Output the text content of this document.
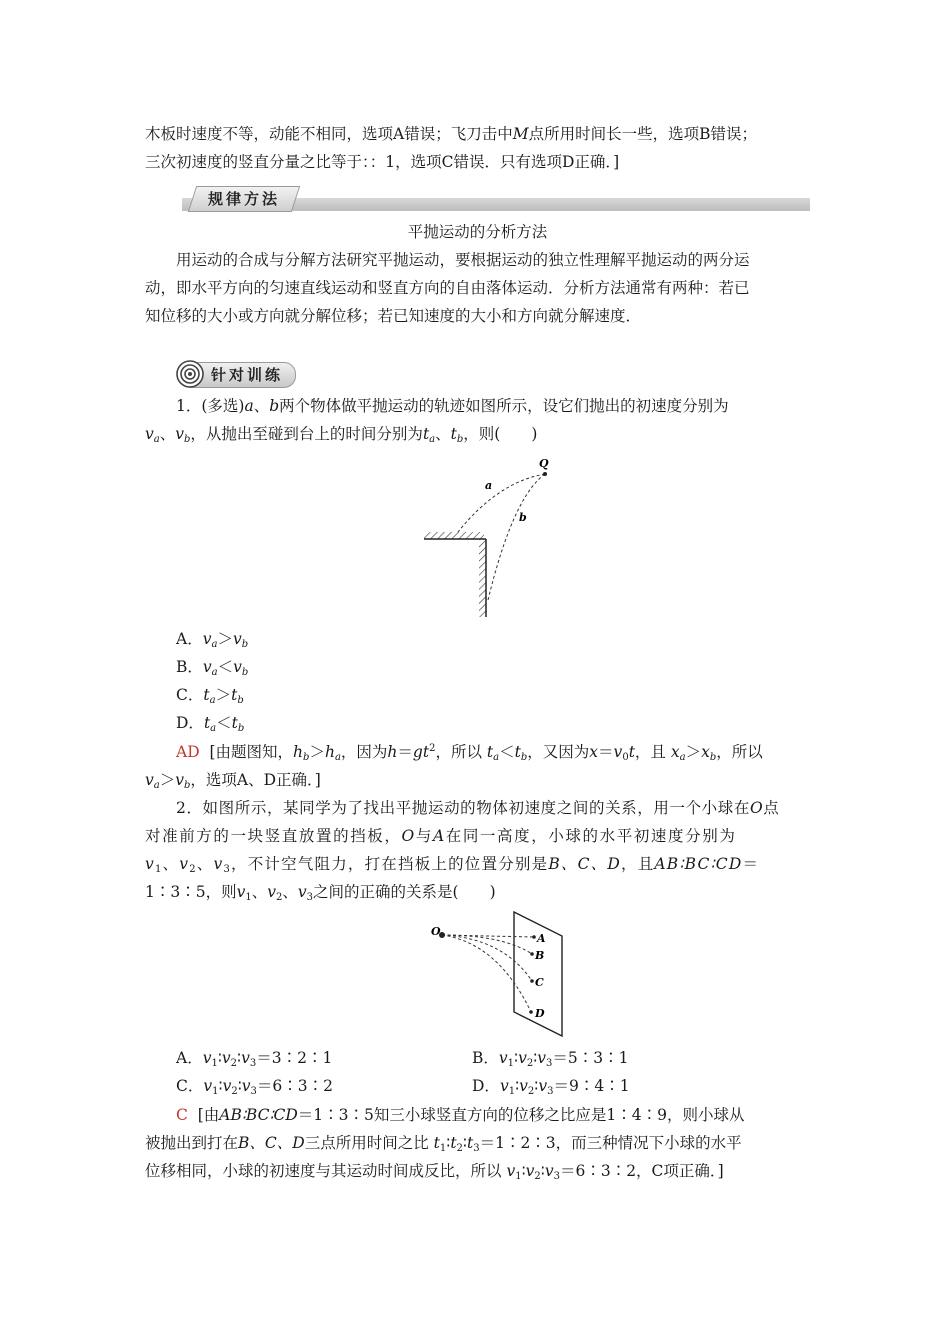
木板时速度不等，动能不相同，选项A错误；飞刀击中M点所用时间长一些，选项B错误；
三次初速度的竖直分量之比等于：：1，选项C错误．只有选项D正确．]
规律方法
平抛运动的分析方法
用运动的合成与分解方法研究平抛运动，要根据运动的独立性理解平抛运动的两分运
动，即水平方向的匀速直线运动和竖直方向的自由落体运动．分析方法通常有两种：若已
知位移的大小或方向就分解位移；若已知速度的大小和方向就分解速度．
针对训练
1．(多选)a、b两个物体做平抛运动的轨迹如图所示，设它们抛出的初速度分别为
$v_a$、$v_b$，从抛出至碰到台上的时间分别为$t_a$、$t_b$，则(　　)
Q
a
b
A．$v_a>v_b$
B．$v_a<v_b$
C．$t_a>t_b$
D．$t_a<t_b$
AD [由题图知，$h_b>h_a$，因为$h=gt^2$，所以 $t_a<t_b$，又因为$x=v_0t$，且 $x_a>x_b$，所以
$v_a>v_b$，选项A、D正确．]
2．如图所示，某同学为了找出平抛运动的物体初速度之间的关系，用一个小球在O点
对准前方的一块竖直放置的挡板，O与A在同一高度，小球的水平初速度分别为
$v_1$、$v_2$、$v_3$，不计空气阻力，打在挡板上的位置分别是B、C、D，且AB∶BC∶CD＝
1∶3∶5，则$v_1$、$v_2$、$v_3$之间的正确的关系是(　　)
O
A
B
C
D
A．$v_1∶v_2∶v_3=3∶2∶1$	B．$v_1∶v_2∶v_3=5∶3∶1$
C．$v_1∶v_2∶v_3=6∶3∶2$	D．$v_1∶v_2∶v_3=9∶4∶1$
C [由AB∶BC∶CD＝1∶3∶5知三小球竖直方向的位移之比应是1∶4∶9，则小球从
被抛出到打在B、C、D三点所用时间之比 $t_1∶t_2∶t_3=1∶2∶3$，而三种情况下小球的水平
位移相同，小球的初速度与其运动时间成反比，所以 $v_1∶v_2∶v_3=6∶3∶2$，C项正确．]
